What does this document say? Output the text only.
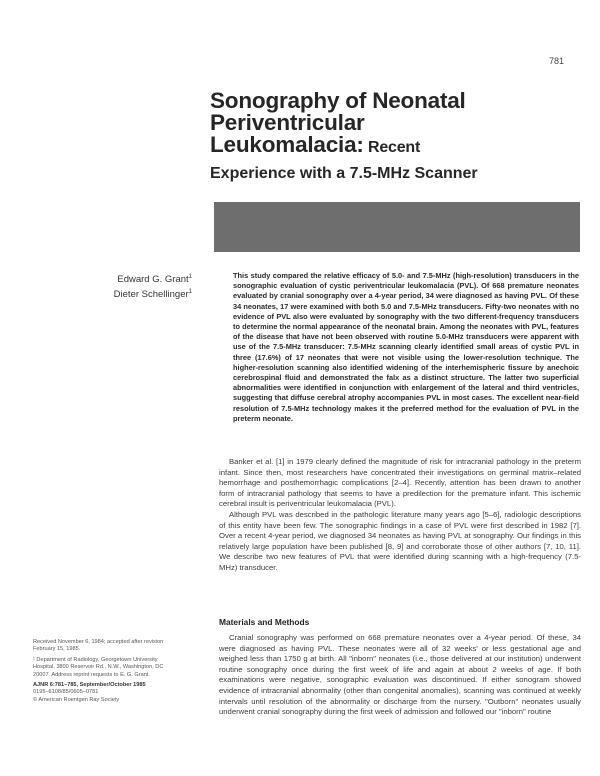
781
Sonography of Neonatal
Periventricular
Leukomalacia: Recent
Experience with a 7.5-MHz Scanner
Edward G. Grant$^1$
Dieter Schellinger$^1$

This study compared the relative efficacy of 5.0- and 7.5-MHz (high-resolution) transducers in the sonographic evaluation of cystic periventricular leukomalacia (PVL). Of 668 premature neonates evaluated by cranial sonography over a 4-year period, 34 were diagnosed as having PVL. Of these 34 neonates, 17 were examined with both 5.0 and 7.5-MHz transducers. Fifty-two neonates with no evidence of PVL also were evaluated by sonography with the two different-frequency transducers to determine the normal appearance of the neonatal brain. Among the neonates with PVL, features of the disease that have not been observed with routine 5.0-MHz transducers were apparent with use of the 7.5-MHz transducer: 7.5-MHz scanning clearly identified small areas of cystic PVL in three (17.6%) of 17 neonates that were not visible using the lower-resolution technique. The higher-resolution scanning also identified widening of the interhemispheric fissure by anechoic cerebrospinal fluid and demonstrated the falx as a distinct structure. The latter two superficial abnormalities were identified in conjunction with enlargement of the lateral and third ventricles, suggesting that diffuse cerebral atrophy accompanies PVL in most cases. The excellent near-field resolution of 7.5-MHz technology makes it the preferred method for the evaluation of PVL in the preterm neonate.

Banker et al. [1] in 1979 clearly defined the magnitude of risk for intracranial pathology in the preterm infant. Since then, most researchers have concentrated their investigations on germinal matrix–related hemorrhage and posthemorrhagic complications [2–4]. Recently, attention has been drawn to another form of intracranial pathology that seems to have a predilection for the premature infant. This ischemic cerebral insult is periventricular leukomalacia (PVL).

Although PVL was described in the pathologic literature many years ago [5–6], radiologic descriptions of this entity have been few. The sonographic findings in a case of PVL were first described in 1982 [7]. Over a recent 4-year period, we diagnosed 34 neonates as having PVL at sonography. Our findings in this relatively large population have been published [8, 9] and corroborate those of other authors [7, 10, 11]. We describe two new features of PVL that were identified during scanning with a high-frequency (7.5-MHz) transducer.

Materials and Methods

Cranial sonography was performed on 668 premature neonates over a 4-year period. Of these, 34 were diagnosed as having PVL. These neonates were all of 32 weeks' or less gestational age and weighed less than 1750 g at birth. All "inborn" neonates (i.e., those delivered at our institution) underwent routine sonography once during the first week of life and again at about 2 weeks of age. If both examinations were negative, sonographic evaluation was discontinued. If either sonogram showed evidence of intracranial abnormality (other than congenital anomalies), scanning was continued at weekly intervals until resolution of the abnormality or discharge from the nursery. "Outborn" neonates usually underwent cranial sonography during the first week of admission and followed our "inborn" routine

Received November 6, 1984; accepted after revision February 15, 1985.

¹ Department of Radiology, Georgetown University Hospital, 3800 Reservoir Rd., N.W., Washington, DC 20007. Address reprint requests to E. G. Grant.

AJNR 6:781–785, September/October 1985

0195–6108/85/0605–0781

© American Roentgen Ray Society
